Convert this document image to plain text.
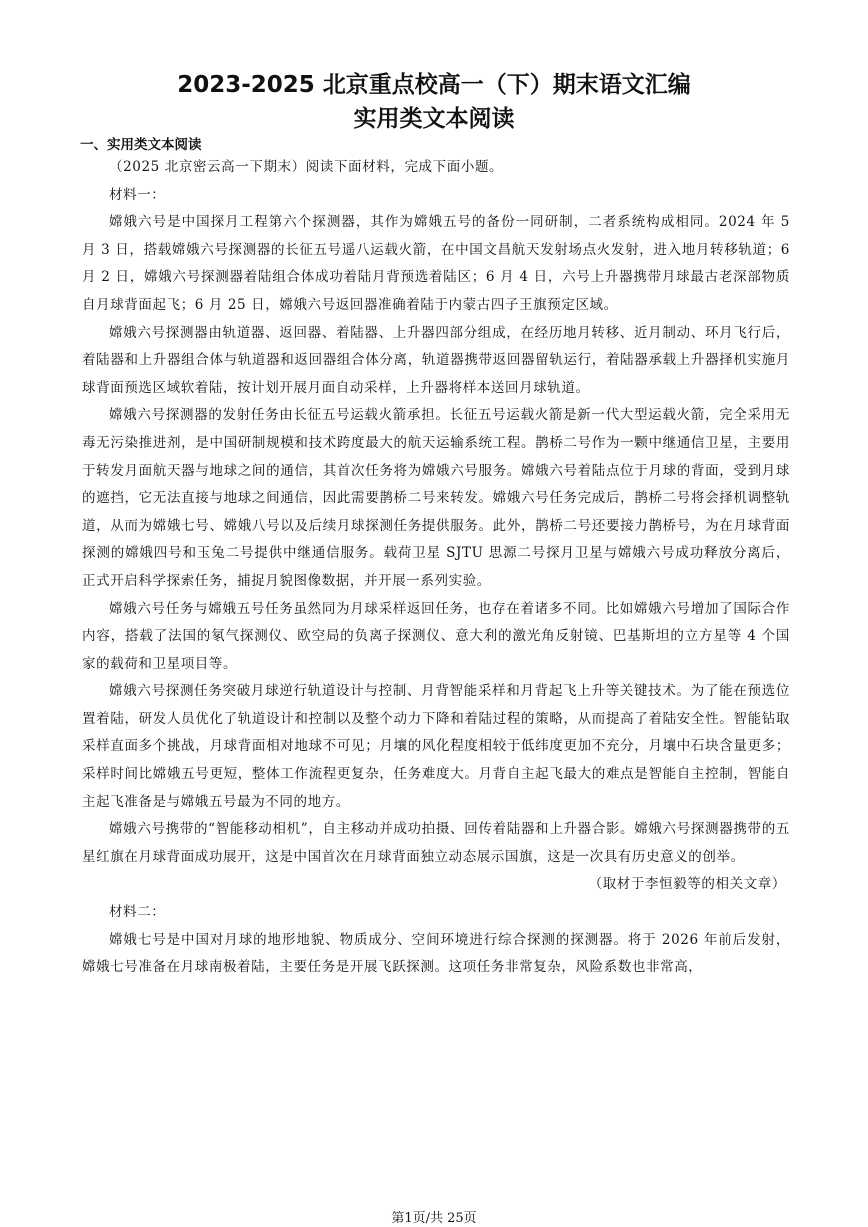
2023-2025 北京重点校高一（下）期末语文汇编
实用类文本阅读
一、实用类文本阅读

（2025 北京密云高一下期末）阅读下面材料，完成下面小题。

材料一：

嫦娥六号是中国探月工程第六个探测器，其作为嫦娥五号的备份一同研制，二者系统构成相同。2024 年 5 月 3 日，搭载嫦娥六号探测器的长征五号遥八运载火箭，在中国文昌航天发射场点火发射，进入地月转移轨道；6 月 2 日，嫦娥六号探测器着陆组合体成功着陆月背预选着陆区；6 月 4 日，六号上升器携带月球最古老深部物质自月球背面起飞；6 月 25 日，嫦娥六号返回器准确着陆于内蒙古四子王旗预定区域。

嫦娥六号探测器由轨道器、返回器、着陆器、上升器四部分组成，在经历地月转移、近月制动、环月飞行后，着陆器和上升器组合体与轨道器和返回器组合体分离，轨道器携带返回器留轨运行，着陆器承载上升器择机实施月球背面预选区域软着陆，按计划开展月面自动采样，上升器将样本送回月球轨道。

嫦娥六号探测器的发射任务由长征五号运载火箭承担。长征五号运载火箭是新一代大型运载火箭，完全采用无毒无污染推进剂，是中国研制规模和技术跨度最大的航天运输系统工程。鹊桥二号作为一颗中继通信卫星，主要用于转发月面航天器与地球之间的通信，其首次任务将为嫦娥六号服务。嫦娥六号着陆点位于月球的背面，受到月球的遮挡，它无法直接与地球之间通信，因此需要鹊桥二号来转发。嫦娥六号任务完成后，鹊桥二号将会择机调整轨道，从而为嫦娥七号、嫦娥八号以及后续月球探测任务提供服务。此外，鹊桥二号还要接力鹊桥号，为在月球背面探测的嫦娥四号和玉兔二号提供中继通信服务。载荷卫星 SJTU 思源二号探月卫星与嫦娥六号成功释放分离后，正式开启科学探索任务，捕捉月貌图像数据，并开展一系列实验。

嫦娥六号任务与嫦娥五号任务虽然同为月球采样返回任务，也存在着诸多不同。比如嫦娥六号增加了国际合作内容，搭载了法国的氡气探测仪、欧空局的负离子探测仪、意大利的激光角反射镜、巴基斯坦的立方星等 4 个国家的载荷和卫星项目等。

嫦娥六号探测任务突破月球逆行轨道设计与控制、月背智能采样和月背起飞上升等关键技术。为了能在预选位置着陆，研发人员优化了轨道设计和控制以及整个动力下降和着陆过程的策略，从而提高了着陆安全性。智能钻取采样直面多个挑战，月球背面相对地球不可见；月壤的风化程度相较于低纬度更加不充分，月壤中石块含量更多；采样时间比嫦娥五号更短，整体工作流程更复杂，任务难度大。月背自主起飞最大的难点是智能自主控制，智能自主起飞准备是与嫦娥五号最为不同的地方。

嫦娥六号携带的“智能移动相机”，自主移动并成功拍摄、回传着陆器和上升器合影。嫦娥六号探测器携带的五星红旗在月球背面成功展开，这是中国首次在月球背面独立动态展示国旗，这是一次具有历史意义的创举。

（取材于李恒毅等的相关文章）

材料二：

嫦娥七号是中国对月球的地形地貌、物质成分、空间环境进行综合探测的探测器。将于 2026 年前后发射，嫦娥七号准备在月球南极着陆，主要任务是开展飞跃探测。这项任务非常复杂，风险系数也非常高，

第1页/共 25页
